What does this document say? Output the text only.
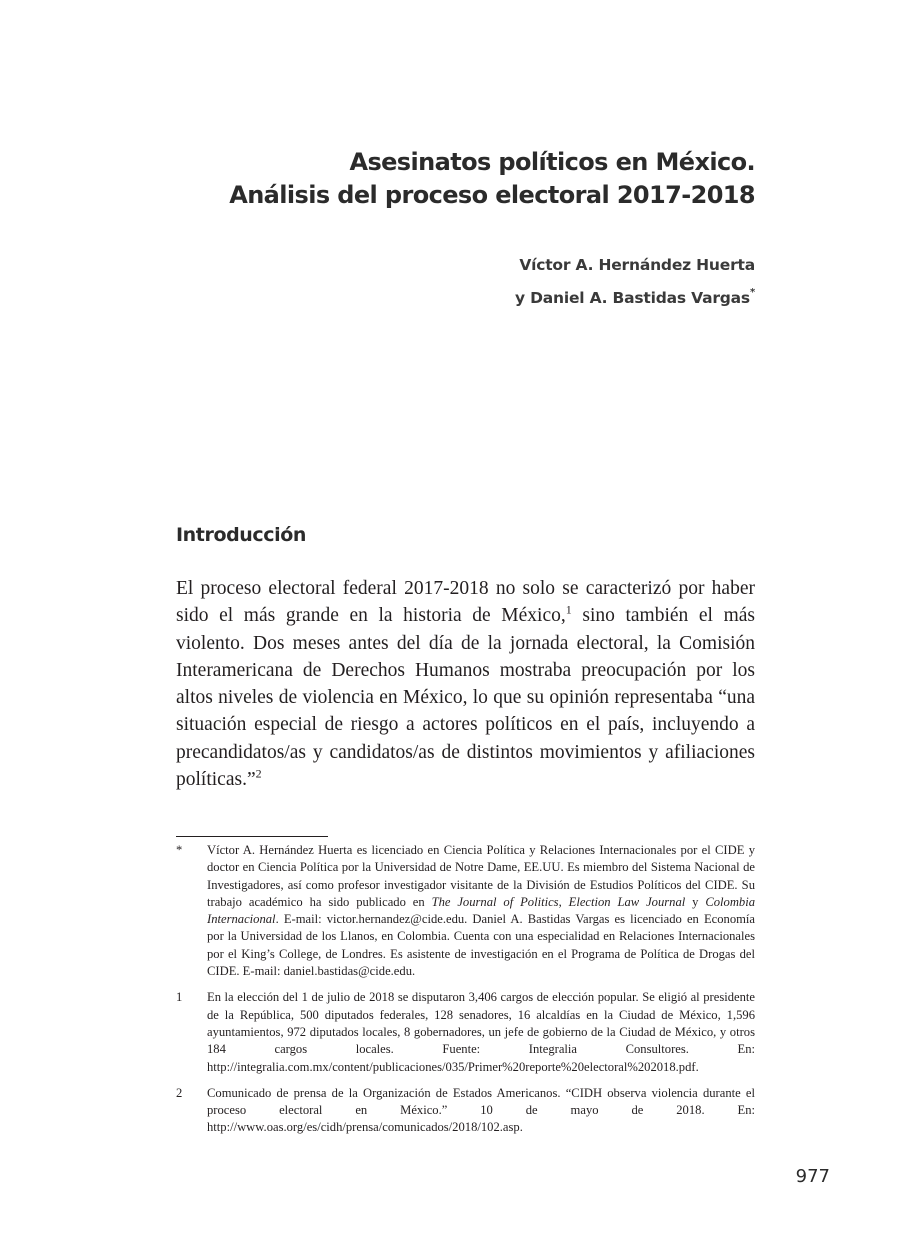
Asesinatos políticos en México.
Análisis del proceso electoral 2017-2018
Víctor A. Hernández Huerta
y Daniel A. Bastidas Vargas*
Introducción
El proceso electoral federal 2017-2018 no solo se caracterizó por haber sido el más grande en la historia de México,$^1$ sino también el más violento. Dos meses antes del día de la jornada electoral, la Comisión Interamericana de Derechos Humanos mostraba preocupación por los altos niveles de violencia en México, lo que su opinión representaba “una situación especial de riesgo a actores políticos en el país, incluyendo a precandidatos/as y candidatos/as de distintos movimientos y afiliaciones políticas.”$^2$
*	Víctor A. Hernández Huerta es licenciado en Ciencia Política y Relaciones Internacionales por el CIDE y doctor en Ciencia Política por la Universidad de Notre Dame, EE.UU. Es miembro del Sistema Nacional de Investigadores, así como profesor investigador visitante de la División de Estudios Políticos del CIDE. Su trabajo académico ha sido publicado en The Journal of Politics, Election Law Journal y Colombia Internacional. E-mail: victor.hernandez@cide.edu. Daniel A. Bastidas Vargas es licenciado en Economía por la Universidad de los Llanos, en Colombia. Cuenta con una especialidad en Relaciones Internacionales por el King’s College, de Londres. Es asistente de investigación en el Programa de Política de Drogas del CIDE. E-mail: daniel.bastidas@cide.edu.
1	En la elección del 1 de julio de 2018 se disputaron 3,406 cargos de elección popular. Se eligió al presidente de la República, 500 diputados federales, 128 senadores, 16 alcaldías en la Ciudad de México, 1,596 ayuntamientos, 972 diputados locales, 8 gobernadores, un jefe de gobierno de la Ciudad de México, y otros 184 cargos locales. Fuente: Integralia Consultores. En: http://integralia.com.mx/content/publicaciones/035/Primer%20reporte%20electoral%202018.pdf.
2	Comunicado de prensa de la Organización de Estados Americanos. “CIDH observa violencia durante el proceso electoral en México.” 10 de mayo de 2018. En: http://www.oas.org/es/cidh/prensa/comunicados/2018/102.asp.
977
